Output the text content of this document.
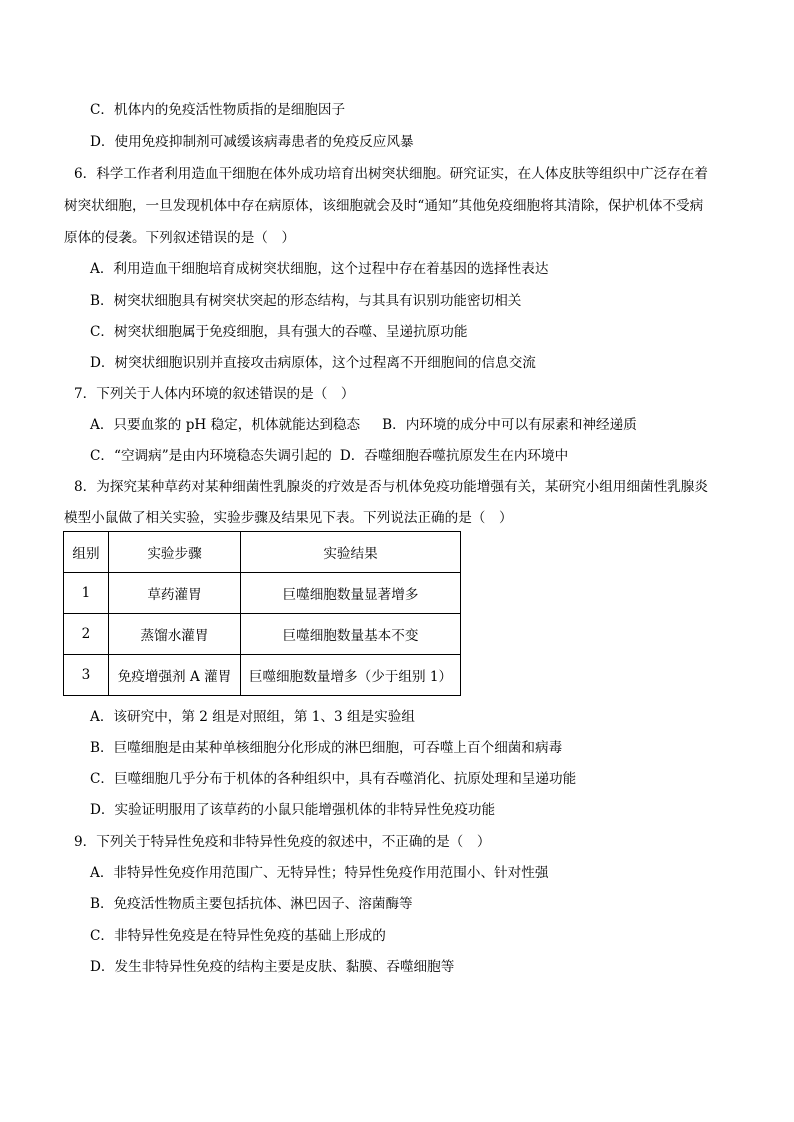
C．机体内的免疫活性物质指的是细胞因子
D．使用免疫抑制剂可减缓该病毒患者的免疫反应风暴
6．科学工作者利用造血干细胞在体外成功培育出树突状细胞。研究证实，在人体皮肤等组织中广泛存在着
树突状细胞，一旦发现机体中存在病原体，该细胞就会及时“通知”其他免疫细胞将其清除，保护机体不受病
原体的侵袭。下列叙述错误的是（　）
A．利用造血干细胞培育成树突状细胞，这个过程中存在着基因的选择性表达
B．树突状细胞具有树突状突起的形态结构，与其具有识别功能密切相关
C．树突状细胞属于免疫细胞，具有强大的吞噬、呈递抗原功能
D．树突状细胞识别并直接攻击病原体，这个过程离不开细胞间的信息交流
7．下列关于人体内环境的叙述错误的是（　）
A．只要血浆的 pH 稳定，机体就能达到稳态 B．内环境的成分中可以有尿素和神经递质
C．“空调病”是由内环境稳态失调引起的 D．吞噬细胞吞噬抗原发生在内环境中
8．为探究某种草药对某种细菌性乳腺炎的疗效是否与机体免疫功能增强有关，某研究小组用细菌性乳腺炎
模型小鼠做了相关实验，实验步骤及结果见下表。下列说法正确的是（　）
组别	实验步骤	实验结果
1	草药灌胃	巨噬细胞数量显著增多
2	蒸馏水灌胃	巨噬细胞数量基本不变
3	免疫增强剂 A 灌胃	巨噬细胞数量增多（少于组别 1）
A．该研究中，第 2 组是对照组，第 1、3 组是实验组
B．巨噬细胞是由某种单核细胞分化形成的淋巴细胞，可吞噬上百个细菌和病毒
C．巨噬细胞几乎分布于机体的各种组织中，具有吞噬消化、抗原处理和呈递功能
D．实验证明服用了该草药的小鼠只能增强机体的非特异性免疫功能
9．下列关于特异性免疫和非特异性免疫的叙述中，不正确的是（　）
A．非特异性免疫作用范围广、无特异性；特异性免疫作用范围小、针对性强
B．免疫活性物质主要包括抗体、淋巴因子、溶菌酶等
C．非特异性免疫是在特异性免疫的基础上形成的
D．发生非特异性免疫的结构主要是皮肤、黏膜、吞噬细胞等
